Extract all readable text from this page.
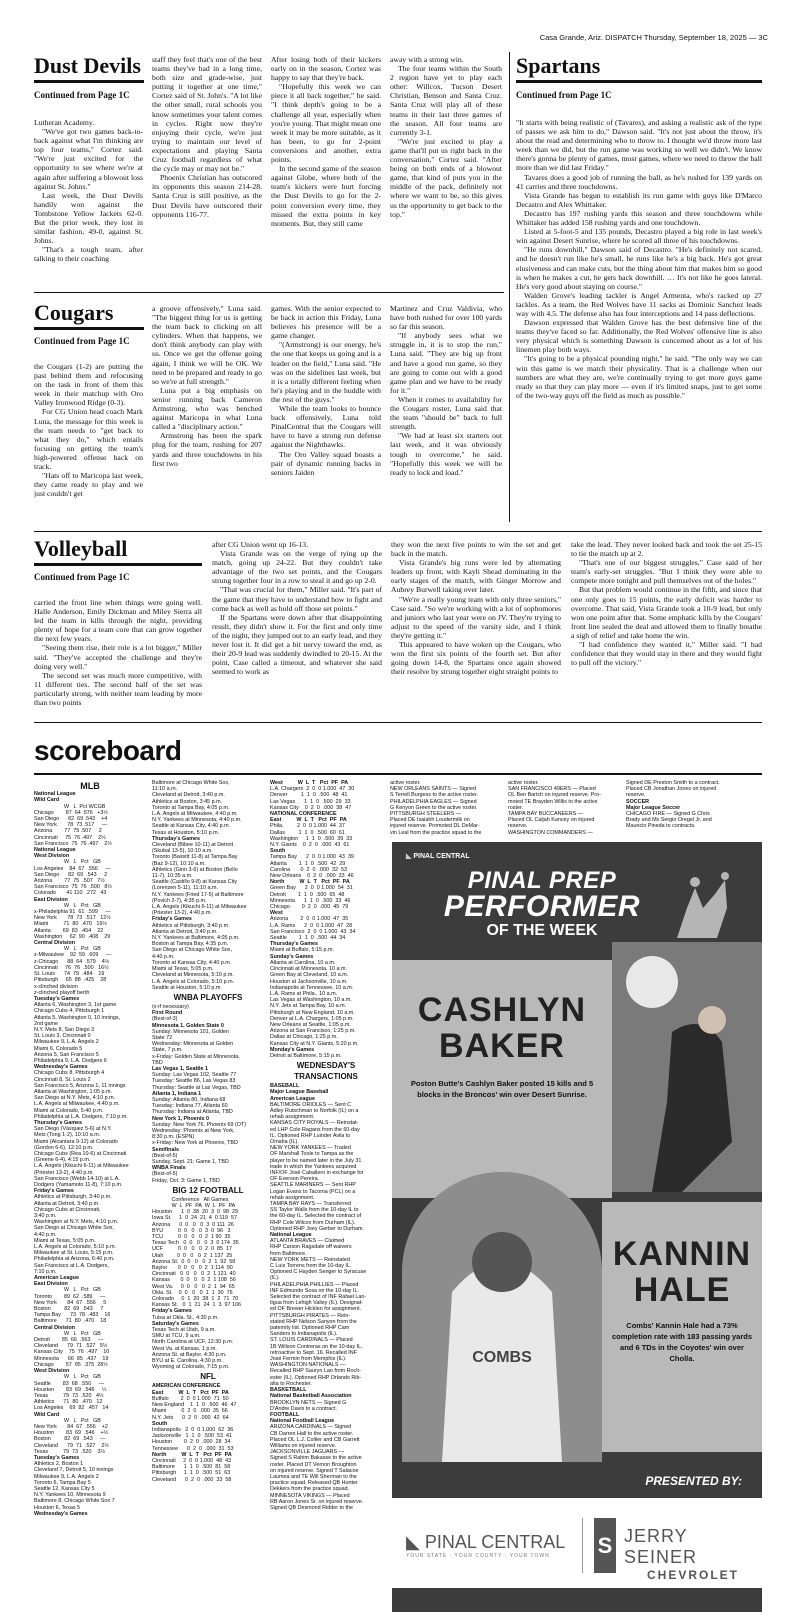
Casa Grande, Ariz. DISPATCH Thursday, September 18, 2025 — 3C
Dust Devils
Continued from Page 1C

Lutheran Academy.

"We've got two games back-to-back against what I'm thinking are top four teams," Cortez said. "We're just excited for the opportunity to see where we're at again after suffering a blowout loss against St. Johns."

Last week, the Dust Devils handily won against the Tombstone Yellow Jackets 62-0. But the prior week, they lost in similar fashion, 49-0, against St. Johns.

"That's a tough team, after talking to their coaching

staff they feel that's one of the best teams they've had in a long time, both size and grade-wise, just putting it together at one time," Cortez said of St. John's. "A lot like the other small, rural schools you know sometimes your talent comes in cycles. Right now they're enjoying their cycle, we're just trying to maintain our level of expectations and playing Santa Cruz football regardless of what the cycle may or may not be."

Phoenix Christian has outscored its opponents this season 214-28. Santa Cruz is still positive, as the Dust Devils have outscored their opponents 116-77.

After losing both of their kickers early on in the season, Cortez was happy to say that they're back.

"Hopefully this week we can piece it all back together," he said. "I think depth's going to be a challenge all year, especially when you're young. That might mean one week it may be more suitable, as it has been, to go for 2-point conversions and another, extra points.

In the second game of the season against Globe, where both of the team's kickers were hurt forcing the Dust Devils to go for the 2-point conversion every time, they missed the extra points in key moments. But, they still came

away with a strong win.

The four teams within the South 2 region have yet to play each other: Willcox, Tucson Desert Christian, Benson and Santa Cruz. Santa Cruz will play all of these teams in their last three games of the season. All four teams are currently 3-1.

"We're just excited to play a game that'll put us right back in the conversation," Cortez said. "After being on both ends of a blowout game, that kind of puts you in the middle of the pack, definitely not where we want to be, so this gives us the opportunity to get back to the top."

Spartans
Continued from Page 1C

"It starts with being realistic of (Tavares), and asking a realistic ask of the type of passes we ask him to do," Dawson said. "It's not just about the throw, it's about the read and determining who to throw to. I thought we'd throw more last week than we did, but the run game was working so well we didn't. We know there's gonna be plenty of games, most games, where we need to throw the ball more than we did last Friday."

Tavares does a good job of running the ball, as he's rushed for 139 yards on 41 carries and three touchdowns.

Vista Grande has begun to establish its run game with guys like D'Marco Decastro and Alex Whittaker.

Decastro has 197 rushing yards this season and three touchdowns while Whittaker has added 158 rushing yards and one touchdown.

Listed at 5-foot-5 and 135 pounds, Decastro played a big role in last week's win against Desert Sunrise, where he scored all three of his touchdowns.

"He runs downhill," Dawson said of Decastro. "He's definitely not scared, and he doesn't run like he's small, he runs like he's a big back. He's got great elusiveness and can make cuts, but the thing about him that makes him so good is when he makes a cut, he gets back downhill. … It's not like he goes lateral. He's very good about staying on course."

Walden Grove's leading tackler is Angel Armenta, who's racked up 27 tackles. As a team, the Red Wolves have 11 sacks as Dominic Sanchez leads way with 4.5. The defense also has four interceptions and 14 pass deflections.

Dawson expressed that Walden Grove has the best defensive line of the teams they've faced so far. Additionally, the Red Wolves' offensive line is also very physical which is something Dawson is concerned about as a lot of his linemen play both ways.

"It's going to be a physical pounding night," he said. "The only way we can win this game is we match their physicality. That is a challenge when our numbers are what they are, we're continually trying to get more guys game ready so that they can play more — even if it's limited snaps, just to get some of the two-way guys off the field as much as possible."

Cougars
Continued from Page 1C

the Cougars (1-2) are putting the past behind them and refocusing on the task in front of them this week in their matchup with Oro Valley Ironwood Ridge (0-3).

For CG Union head coach Mark Luna, the message for this week is the team needs to "get back to what they do," which entails focusing on getting the team's high-powered offense back on track.

"Hats off to Maricopa last week, they came ready to play and we just couldn't get

a groove offensively," Luna said. "The biggest thing for us is getting the team back to clicking on all cylinders. When that happens, we don't think anybody can play with us. Once we get the offense going again, I think we will be OK. We need to be prepared and ready to go so we're at full strength."

Luna put a big emphasis on senior running back Cameron Armstrong, who was benched against Maricopa in what Luna called a "disciplinary action."

Armstrong has been the spark plug for the team, rushing for 207 yards and three touchdowns in his first two

games. With the senior expected to be back in action this Friday, Luna believes his presence will be a game changer.

"(Armstrong) is our energy, he's the one that keeps us going and is a leader on the field," Luna said. "He was on the sidelines last week, but it is a totally different feeling when he's playing and in the huddle with the rest of the guys."

While the team looks to bounce back offensively, Luna told PinalCentral that the Cougars will have to have a strong run defense against the Nighthawks.

The Oro Valley squad boasts a pair of dynamic running backs in seniors Jaiden

Martinez and Cruz Valdivia, who have both rushed for over 100 yards so far this season.

"If anybody sees what we struggle in, it is to stop the run," Luna said. "They are big up front and have a good run game, so they are going to come out with a good game plan and we have to be ready for it."

When it comes to availability for the Cougars roster, Luna said that the team "should be" back to full strength.

"We had at least six starters out last week, and it was obviously tough to overcome," he said. "Hopefully this week we will be ready to lock and load."

Volleyball
Continued from Page 1C

carried the front line when things were going well. Halle Anderson, Emily Dickman and Miley Sierra all led the team in kills through the night, providing plenty of hope for a team core that can grow together the next few years.

"Seeing them rise, their role is a lot bigger," Miller said. "They've accepted the challenge and they're doing very well."

The second set was much more competitive, with 11 different ties. The second half of the set was particularly strong, with neither team leading by more than two points

after CG Union went up 16-13.

Vista Grande was on the verge of tying up the match, going up 24-22. But they couldn't take advantage of the two set points, and the Cougars strung together four in a row to steal it and go up 2-0.

"That was crucial for them," Miller said. "It's part of the game that they have to understand how to fight and come back as well as hold off those set points."

If the Spartans were down after that disappointing result, they didn't show it. For the first and only time of the night, they jumped out to an early lead, and they never lost it. It did get a bit nervy toward the end, as their 20-9 lead was suddenly dwindled to 20-15. At the point, Case called a timeout, and whatever she said seemed to work as

they won the next five points to win the set and get back in the match.

Vista Grande's big runs were led by alternating leaders up front, with Kayli Shead dominating in the early stages of the match, with Ginger Morrow and Aubrey Burwell taking over later.

"We're a really young team with only three seniors," Case said. "So we're working with a lot of sophomores and juniors who last year were on JV. They're trying to adjust to the speed of the varsity side, and I think they're getting it."

This appeared to have woken up the Cougars, who won the first six points of the fourth set. But after going down 14-8, the Spartans once again showed their resolve by strung together eight straight points to

take the lead. They never looked back and took the set 25-15 to tie the match up at 2.

"That's one of our biggest struggles," Case said of her team's early-set struggles. "But I think they were able to compete more tonight and pull themselves out of the holes."

But that problem would continue in the fifth, and since that one only goes to 15 points, the early deficit was harder to overcome. That said, Vista Grande took a 10-9 lead, but only won one point after that. Some emphatic kills by the Cougars' front line sealed the deal and allowed them to finally breathe a sigh of relief and take home the win.

"I had confidence they wanted it," Miller said. "I had confidence that they would stay in there and they would fight to pull off the victory."

scoreboard
MLB
National League
Wild Card
W   L  Pct WCGB
Chicago        87  64 .576   +3½
San Diego      82  69 .543    +4
New York       78  73 .517     —
Arizona        77  75 .507     2
Cincinnati     75  76 .497    2½
San Francisco  75  76 .497    2½
National League
West Division
W   L   Pct   GB
Los Angeles    84  67  .556     —
San Diego      82  69  .543     2
Arizona        77  75  .507   7½
San Francisco  75  76  .500   8½
Colorado       41 110  .272   43
East Division
W   L   Pct   GB
x-Philadelphia 91  61  .599     —
New York       78  73  .517   12½
Miami          71  80  .470   19½
Atlanta        69  83  .454    22
Washington     62  90  .408    29
Central Division
W   L   Pct   GB
z-Milwaukee    92  59  .609     —
z-Chicago      88  64  .579    4½
Cincinnati     76  76  .500   16½
St. Louis      74  79  .484    19
Pittsburgh     65  88  .425    28
x-clinched division
z-clinched playoff berth
Tuesday's Games
Atlanta 6, Washington 3, 1st game
Chicago Cubs 4, Pittsburgh 1
Atlanta 5, Washington 0, 10 innings,
2nd game
N.Y. Mets 8, San Diego 3
St. Louis 3, Cincinnati 0
Milwaukee 9, L.A. Angels 2
Miami 6, Colorado 5
Arizona 5, San Francisco 5
Philadelphia 9, L.A. Dodgers 6
Wednesday's Games
Chicago Cubs 8, Pittsburgh 4
Cincinnati 8, St. Louis 2
San Francisco 5, Arizona 1, 11 innings
Atlanta at Washington, 1:05 p.m.
San Diego at N.Y. Mets, 4:10 p.m.
L.A. Angels at Milwaukee, 4:40 p.m.
Miami at Colorado, 5:40 p.m.
Philadelphia at L.A. Dodgers, 7:10 p.m.
Thursday's Games
San Diego (Vásquez 5-6) at N.Y.
Mets (Tong 1-2), 10:10 a.m.
Miami (Alcantara 9-12) at Colorado
(Gordon 6-6), 12:10 p.m.
Chicago Cubs (Rea 10-6) at Cincinnati
(Greene 6-4), 4:15 p.m.
L.A. Angels (Kikuchi 6-11) at Milwaukee
(Priester 13-2), 4:40 p.m.
San Francisco (Webb 14-10) at L.A.
Dodgers (Yamamoto 11-8), 7:10 p.m.
Friday's Games
Athletics at Pittsburgh, 3:40 p.m.
Atlanta at Detroit, 3:40 p.m.
Chicago Cubs at Cincinnati,
3:40 p.m.
Washington at N.Y. Mets, 4:10 p.m.
San Diego at Chicago White Sox,
4:40 p.m.
Miami at Texas, 5:05 p.m.
L.A. Angels at Colorado, 5:10 p.m.
Milwaukee at St. Louis, 5:15 p.m.
Philadelphia at Arizona, 6:40 p.m.
San Francisco at L.A. Dodgers,
7:10 p.m.
American League
East Division
W   L   Pct   GB
Toronto        89  62  .589     —
New York       84  67  .556     5
Boston         82  69  .543     7
Tampa Bay      73  78  .483    16
Baltimore      71  80  .470    18
Central Division
W   L   Pct   GB
Detroit        85  66  .563     —
Cleveland      79  71  .527   5½
Kansas City    75  76  .497    10
Minnesota      66  85  .437    19
Chicago        57  95  .375  28½
West Division
W   L   Pct   GB
Seattle        83  68  .550     —
Houston        83  69  .546     ½
Texas          79  73  .520   4½
Athletics      71  80  .470   12
Los Angeles    69  82  .457   14
Wild Card
W   L   Pct   GB
New York       84  67  .556    +2
Houston        83  69  .546    +½
Boston         82  69  .543     —
Cleveland      79  71  .527    2½
Texas          79  73  .520    3½
Tuesday's Games
Athletics 2, Boston 1
Cleveland 7, Detroit 5, 10 innings
Milwaukee 9, L.A. Angels 2
Toronto 6, Tampa Bay 5
Seattle 12, Kansas City 5
N.Y. Yankees 10, Minnesota 9
Baltimore 8, Chicago White Sox 7
Houston 6, Texas 5
Wednesday's Games
Baltimore at Chicago White Sox,
11:10 a.m.
Cleveland at Detroit, 3:40 p.m.
Athletics at Boston, 3:45 p.m.
Toronto at Tampa Bay, 4:05 p.m.
L.A. Angels at Milwaukee, 4:40 p.m.
N.Y. Yankees at Minnesota, 4:40 p.m.
Seattle at Kansas City, 4:40 p.m.
Texas at Houston, 5:10 p.m.
Thursday's Games
Cleveland (Bibee 10-11) at Detroit
(Skubal 13-5), 10:10 a.m.
Toronto (Bassitt 11-8) at Tampa Bay
(Baz 9-12), 10:10 a.m.
Athletics (Ginn 3-6) at Boston (Bello
11-7), 10:35 a.m.
Seattle (Castillo 9-8) at Kansas City
(Lorenzen 5-11), 11:10 a.m.
N.Y. Yankees (Fried 17-5) at Baltimore
(Povich 2-7), 4:35 p.m.
L.A. Angels (Kikuchi 6-11) at Milwaukee
(Priester 13-2), 4:40 p.m.
Friday's Games
Athletics at Pittsburgh, 3:40 p.m.
Atlanta at Detroit, 3:40 p.m.
N.Y. Yankees at Baltimore, 4:05 p.m.
Boston at Tampa Bay, 4:35 p.m.
San Diego at Chicago White Sox,
4:40 p.m.
Toronto at Kansas City, 4:40 p.m.
Miami at Texas, 5:05 p.m.
Cleveland at Minnesota, 5:10 p.m.
L.A. Angels at Colorado, 5:10 p.m.
Seattle at Houston, 5:10 p.m.
WNBA PLAYOFFS
(x-if necessary)
First Round
(Best-of-3)
Minnesota 1, Golden State 0
Sunday: Minnesota 101, Golden
State 72
Wednesday: Minnesota at Golden
State, 7 p.m.
x-Friday: Golden State at Minnesota,
TBD
Las Vegas 1, Seattle 1
Sunday: Las Vegas 102, Seattle 77
Tuesday: Seattle 86, Las Vegas 83
Thursday: Seattle at Las Vegas, TBD
Atlanta 1, Indiana 1
Sunday: Atlanta 80, Indiana 68
Tuesday: Indiana 77, Atlanta 60
Thursday: Indiana at Atlanta, TBD
New York 1, Phoenix 0
Sunday: New York 76, Phoenix 69 (OT)
Wednesday: Phoenix at New York,
8:30 p.m. (ESPN)
x-Friday: New York at Phoenix, TBD
Semifinals
(Best-of-5)
Sunday, Sept. 21: Game 1, TBD
WNBA Finals
(Best-of-5)
Friday, Oct. 3: Game 1, TBD
BIG 12 FOOTBALL
Conference   All Games
W  L  PF  PA  W  L  PF  PA
Houston      1  0  38  20  3  0  98  29
Iowa St.     1  0  24  21  4  0 119  57
Arizona      0  0   0   0  3  0 111  26
BYU          0  0   0   0  3  0  96   3
TCU          0  0   0   0  2  1 90  35
Texas Tech   0  0   0   0  3  0 174  35
UCF          0  0   0   0  2  0  85  17
Utah         0  0   0   0  2  1 137  25
Arizona St.  0  0   0   0  2  1  92  58
Baylor       0  0   0   0  2  1 114  90
Cincinnati   0  0   0   0  2  1 121  40
Kansas       0  0   0   0  2  1 108  56
West Va.     0  0   0   0  2  1  94  65
Okla. St.    0  0   0   0  1  1  30  76
Colorado     0  1  20  38  1  2  71  70
Kansas St.   0  1  21  24  1  3  97 106
Friday's Games
Tulsa at Okla. St., 4:30 p.m.
Saturday's Games
Texas Tech at Utah, 9 a.m.
SMU at TCU, 9 a.m.
North Carolina at UCF, 12:30 p.m.
West Va. at Kansas, 1 p.m.
Arizona St. at Baylor, 4:30 p.m.
BYU at E. Carolina, 4:30 p.m.
Wyoming at Colorado, 7:15 p.m.
NFL
AMERICAN CONFERENCE
East          W  L  T   Pct  PF  PA
Buffalo        2  0  0 1.000  71  50
New England    1  1  0  .500  46  47
Miami          0  2  0  .000  35  66
N.Y. Jets      0  2  0  .000  42  64
South
Indianapolis   2  0  0 1.000  62  36
Jacksonville   1  1  0  .500  53  41
Houston        0  2  0  .000  28  34
Tennessee      0  2  0  .000  31  53
North          W  L  T   Pct  PF  PA
Cincinnati     2  0  0 1.000  48  43
Baltimore      1  1  0  .500  81  58
Pittsburgh     1  1  0  .500  51  63
Cleveland      0  2  0  .000  33  58
West          W  L  T   Pct  PF  PA
L.A. Chargers  2  0  0 1.000  47  30
Denver         1  1  0  .500  48  41
Las Vegas      1  1  0  .500  29  33
Kansas City    0  2  0  .000  38  47
NATIONAL CONFERENCE
East          W  L  T   Pct  PF  PA
Phila.         2  0  0 1.000  44  37
Dallas         1  1  0  .500  60  61
Washington     1  1  0  .500  39  33
N.Y. Giants    0  2  0  .000  43  61
South
Tampa Bay      2  0  0 1.000  43  39
Atlanta        1  1  0  .500  42  29
Carolina       0  2  0  .000  32  53
New Orleans    0  2  0  .000  33  46
North          W  L  T   Pct  PF  PA
Green Bay      2  0  0 1.000  54  31
Detroit        1  1  0  .500  65  48
Minnesota      1  1  0  .500  33  46
Chicago        0  2  0  .000  45  79
West
Arizona        2  0  0 1.000  47  35
L.A. Rams      2  0  0 1.000  47  28
San Francisco  2  0  0 1.000  43  34
Seattle        1  1  0  .500  44  34
Thursday's Games
Miami at Buffalo, 5:15 p.m.
Sunday's Games
Atlanta at Carolina, 10 a.m.
Cincinnati at Minnesota, 10 a.m.
Green Bay at Cleveland, 10 a.m.
Houston at Jacksonville, 10 a.m.
Indianapolis at Tennessee, 10 a.m.
L.A. Rams at Phila., 10 a.m.
Las Vegas at Washington, 10 a.m.
N.Y. Jets at Tampa Bay, 10 a.m.
Pittsburgh at New England, 10 a.m.
Denver at L.A. Chargers, 1:05 p.m.
New Orleans at Seattle, 1:05 p.m.
Arizona at San Francisco, 1:25 p.m.
Dallas at Chicago, 1:25 p.m.
Kansas City at N.Y. Giants, 5:20 p.m.
Monday's Games
Detroit at Baltimore, 5:15 p.m.
WEDNESDAY'S
TRANSACTIONS
BASEBALL
Major League Baseball
American League
BALTIMORE ORIOLES — Sent C
Adley Rutschman to Norfolk (IL) on a
rehab assignment.
KANSAS CITY ROYALS — Reinstat-
ed LHP Cole Ragans from the 60-day
IL. Optioned RHP Luinder Avila to
Omaha (IL).
NEW YORK YANKEES — Traded
OF Marshall Toole to Tampa as the
player to be named later in the July 31
trade in which the Yankees acquired
INF/OF José Caballero in exchange for
OF Everson Pereira.
SEATTLE MARINERS — Sent RHP
Logan Evans to Tacoma (PCL) on a
rehab assignment.
TAMPA BAY RAYS — Transferred
SS Taylor Walls from the 10-day IL to
the 60-day IL. Selected the contract of
RHP Cole Wilcox from Durham (IL).
Optioned RHP Joey Gerber to Durham.
National League
ATLANTA BRAVES — Claimed
RHP Carson Ragsdale off waivers
from Baltimore.
NEW YORK METS — Reinstated
C Luis Torrens from the 10-day IL.
Optioned C Hayden Senger to Syracuse
(IL).
PHILADELPHIA PHILLIES — Placed
INF Edmundo Sosa on the 10-day IL.
Selected the contract of INF Rafael Lan-
tigua from Lehigh Valley (IL). Designat-
ed OF Brewer Hicklen for assignment.
PITTSBURGH PIRATES — Rein-
stated RHP Nelson Sanyon from the
paternity list. Optioned RHP Cam
Sanders to Indianapolis (IL).
ST. LOUIS CARDINALS — Placed
1B Willson Contreras on the 10-day IL,
retroactive to Sept. 16. Recalled INF
José Fermin from Memphis (IL).
WASHINGTON NATIONALS —
Recalled RHP Sauryn Lao from Roch-
ester (IL). Optioned RHP Orlando Rib-
alta to Rochester.
BASKETBALL
National Basketball Association
BROOKLYN NETS — Signed G
D'Andre Davis to a contract.
FOOTBALL
National Football League
ARIZONA CARDINALS — Signed
CB Darren Hall to the active roster.
Placed OL L.J. Collier and CB Garrett
Williams on injured reserve.
JACKSONVILLE JAGUARS —
Signed S Rahim Bakasse to the active
roster. Placed DT Vernon Broughton
on injured reserve. Signed T Salacoe
Laumea and TE Will Sherman to the
practice squad. Released QB Hunter
Dekkers from the practice squad.
MINNESOTA VIKINGS — Placed
RB Aaron Jones Sr. on injured reserve.
Signed QB Desmond Ridder to the
active roster.
NEW ORLEANS SAINTS — Signed
S Terrell Burgess to the active roster.
PHILADELPHIA EAGLES — Signed
G Kenyon Green to the active roster.
PITTSBURGH STEELERS —
Placed DE Isaiahh Loudermilk on
injured reserve. Promoted DL DeMar-
vin Leal from the practice squad to the
active roster.
SAN FRANCISCO 49ERS — Placed
OL Ben Bartch on injured reserve. Pro-
moted TE Brayden Willis to the active
roster.
TAMPA BAY BUCCANEERS —
Placed OL Caljah Kancey on injured
reserve.
WASHINGTON COMMANDERS —
Signed DE Preston Smith to a contract.
Placed CB Jonathan Jones on injured
reserve.
SOCCER
Major League Soccer
CHICAGO FIRE — Signed G Chris
Brady and Ms Sergio Oregel Jr. and
Mauricio Pineda to contracts.
◣ PINAL CENTRAL
PINAL PREP
PERFORMER
OF THE WEEK
CASHLYN
BAKER
Poston Butte's Cashlyn Baker posted 15 kills and 5 blocks in the Broncos' win over Desert Sunrise.
COMBS
KANNIN
HALE
Combs' Kannin Hale had a 73% completion rate with 183 passing yards and 6 TDs in the Coyotes' win over Cholla.
PRESENTED BY:
◣ PINAL CENTRAL
YOUR STATE · YOUR COUNTY · YOUR TOWN	S JERRY SEINER
CHEVROLET
